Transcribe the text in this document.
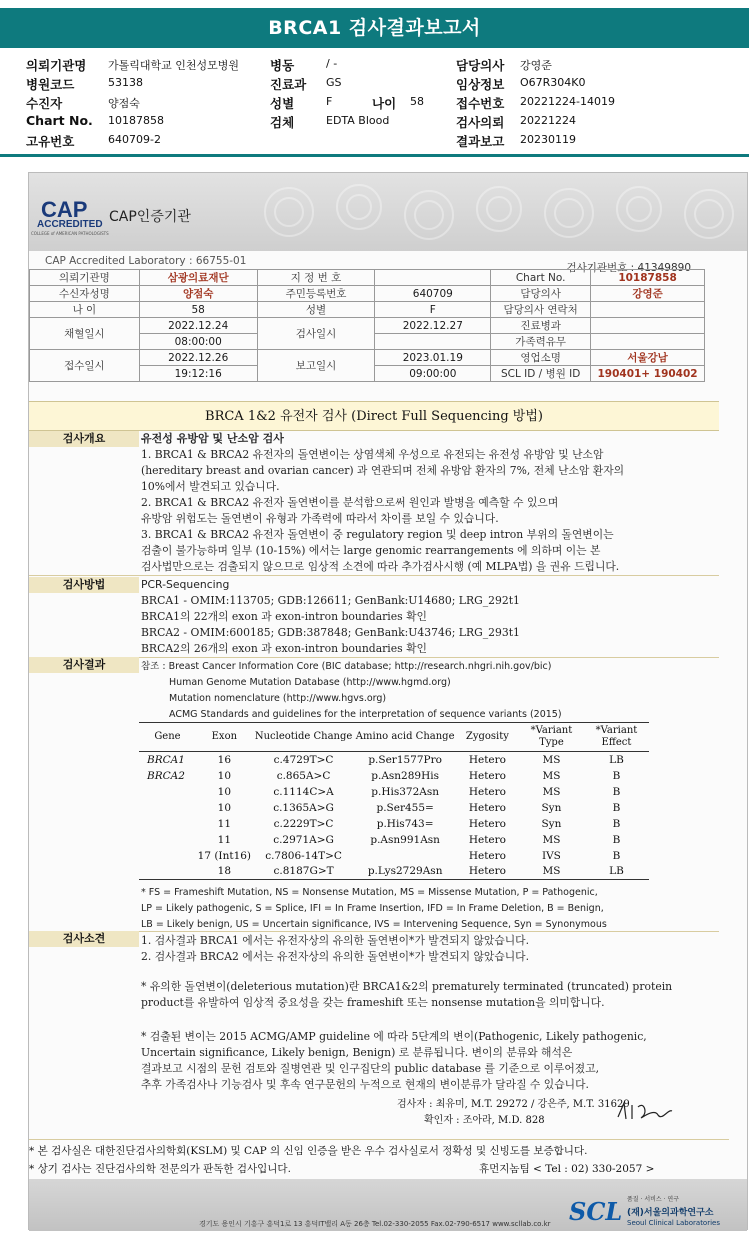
BRCA1 검사결과보고서
의뢰기관명 가톨릭대학교 인천성모병원 병동	/ -	담당의사 강영준
병원코드	53138	진료과 GS	임상정보 O67R304K0
수진자	양점숙	성별	F	나이 58	접수번호 20221224-14019
Chart No. 10187858	검체	EDTA Blood	검사의뢰 20221224
고유번호	640709-2	결과보고 20230119
CAP
ACCREDITED
COLLEGE of AMERICAN PATHOLOGISTS
CAP인증기관
CAP Accredited Laboratory : 66755-01
검사기관번호 : 41349890
의뢰기관명	삼광의료재단	지 정 번 호		Chart No.	10187858
수신자성명	양점숙	주민등록번호	640709	담당의사	강영준
나 이	58	성별	F	담당의사 연락처	
채혈일시	2022.12.24	검사일시	2022.12.27	진료병과	
	08:00:00			가족력유무	
접수일시	2022.12.26	보고일시	2023.01.19	영업소명	서울강남
	19:12:16		09:00:00	SCL ID / 병원 ID	190401+ 190402
BRCA 1&2 유전자 검사 (Direct Full Sequencing 방법)
검사개요	유전성 유방암 및 난소암 검사

1. BRCA1 & BRCA2 유전자의 돌연변이는 상염색체 우성으로 유전되는 유전성 유방암 및 난소암

(hereditary breast and ovarian cancer) 과 연관되며 전체 유방암 환자의 7%, 전체 난소암 환자의

10%에서 발견되고 있습니다.

2. BRCA1 & BRCA2 유전자 돌연변이를 분석함으로써 원인과 발병을 예측할 수 있으며

유방암 위험도는 돌연변이 유형과 가족력에 따라서 차이를 보일 수 있습니다.

3. BRCA1 & BRCA2 유전자 돌연변이 중 regulatory region 및 deep intron 부위의 돌연변이는

검출이 불가능하며 일부 (10-15%) 에서는 large genomic rearrangements 에 의하며 이는 본

검사법만으로는 검출되지 않으므로 임상적 소견에 따라 추가검사시행 (예 MLPA법) 을 권유 드립니다.

검사방법	PCR-Sequencing

BRCA1 - OMIM:113705; GDB:126611; GenBank:U14680; LRG_292t1

BRCA1의 22개의 exon 과 exon-intron boundaries 확인

BRCA2 - OMIM:600185; GDB:387848; GenBank:U43746; LRG_293t1

BRCA2의 26개의 exon 과 exon-intron boundaries 확인

검사결과	참조 : Breast Cancer Information Core (BIC database; http://research.nhgri.nih.gov/bic)

Human Genome Mutation Database (http://www.hgmd.org)

Mutation nomenclature (http://www.hgvs.org)

ACMG Standards and guidelines for the interpretation of sequence variants (2015)

Gene	Exon	Nucleotide Change	Amino acid Change	Zygosity	*Variant Type	*Variant Effect
BRCA1	16	c.4729T>C	p.Ser1577Pro	Hetero	MS	LB
BRCA2	10	c.865A>C	p.Asn289His	Hetero	MS	B
	10	c.1114C>A	p.His372Asn	Hetero	MS	B
	10	c.1365A>G	p.Ser455=	Hetero	Syn	B
	11	c.2229T>C	p.His743=	Hetero	Syn	B
	11	c.2971A>G	p.Asn991Asn	Hetero	MS	B
	17 (Int16)	c.7806-14T>C		Hetero	IVS	B
	18	c.8187G>T	p.Lys2729Asn	Hetero	MS	LB

* FS = Frameshift Mutation, NS = Nonsense Mutation, MS = Missense Mutation, P = Pathogenic,

LP = Likely pathogenic, S = Splice, IFI = In Frame Insertion, IFD = In Frame Deletion, B = Benign,

LB = Likely benign, US = Uncertain significance, IVS = Intervening Sequence, Syn = Synonymous

검사소견	1. 검사결과 BRCA1 에서는 유전자상의 유의한 돌연변이*가 발견되지 않았습니다.

2. 검사결과 BRCA2 에서는 유전자상의 유의한 돌연변이*가 발견되지 않았습니다.

* 유의한 돌연변이(deleterious mutation)란 BRCA1&2의 prematurely terminated (truncated) protein

product를 유발하여 임상적 중요성을 갖는 frameshift 또는 nonsense mutation을 의미합니다.

* 검출된 변이는 2015 ACMG/AMP guideline 에 따라 5단계의 변이(Pathogenic, Likely pathogenic,

Uncertain significance, Likely benign, Benign) 로 분류됩니다. 변이의 분류와 해석은

결과보고 시점의 문헌 검토와 질병연관 및 인구집단의 public database 를 기준으로 이루어졌고,

추후 가족검사나 기능검사 및 후속 연구문헌의 누적으로 현재의 변이분류가 달라질 수 있습니다.

검사자 : 최유미, M.T. 29272 / 강은주, M.T. 31629
확인자 : 조아라, M.D. 828
* 본 검사실은 대한진단검사의학회(KSLM) 및 CAP 의 신임 인증을 받은 우수 검사실로서 정확성 및 신빙도를 보증합니다.
* 상기 검사는 진단검사의학 전문의가 판독한 검사입니다.	휴먼지놈팀 < Tel : 02) 330-2057 >
경기도 용인시 기흥구 흥덕1로 13 흥덕IT밸리 A동 26층 Tel.02-330-2055 Fax.02-790-6517 www.scllab.co.kr SCL 품질 · 서비스 · 연구
(재)서울의과학연구소
Seoul Clinical Laboratories
